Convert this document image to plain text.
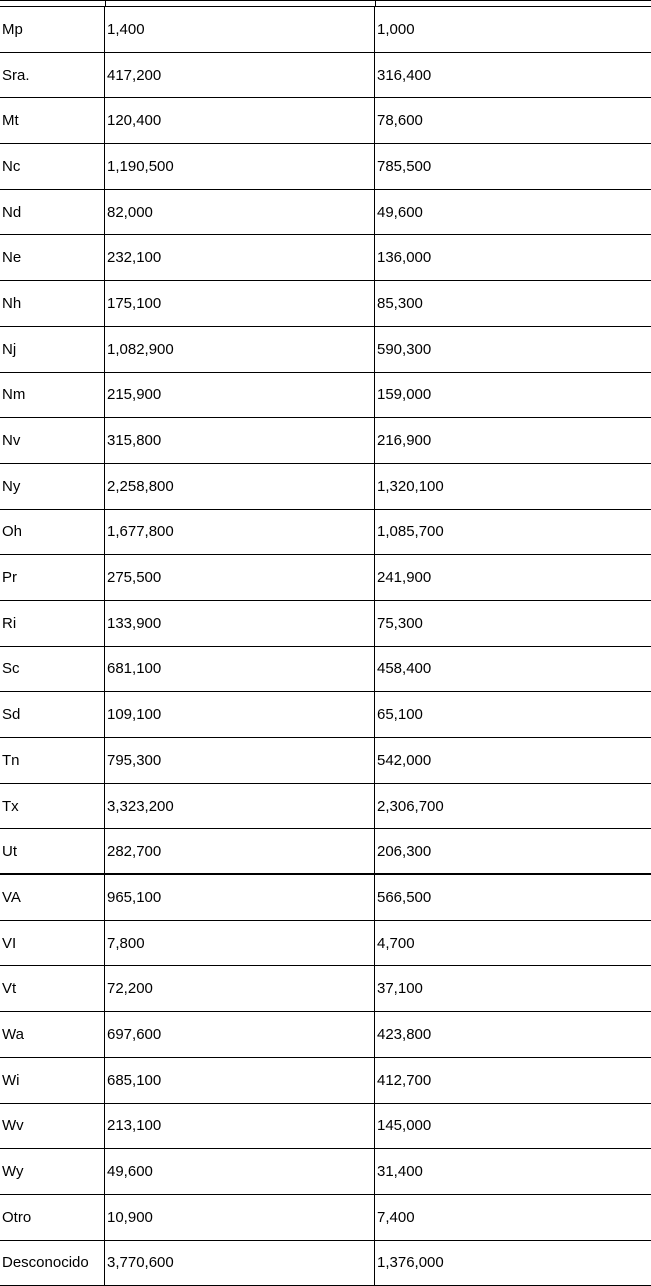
Mp	1,400	1,000
Sra.	417,200	316,400
Mt	120,400	78,600
Nc	1,190,500	785,500
Nd	82,000	49,600
Ne	232,100	136,000
Nh	175,100	85,300
Nj	1,082,900	590,300
Nm	215,900	159,000
Nv	315,800	216,900
Ny	2,258,800	1,320,100
Oh	1,677,800	1,085,700
Pr	275,500	241,900
Ri	133,900	75,300
Sc	681,100	458,400
Sd	109,100	65,100
Tn	795,300	542,000
Tx	3,323,200	2,306,700
Ut	282,700	206,300
VA	965,100	566,500
VI	7,800	4,700
Vt	72,200	37,100
Wa	697,600	423,800
Wi	685,100	412,700
Wv	213,100	145,000
Wy	49,600	31,400
Otro	10,900	7,400
Desconocido	3,770,600	1,376,000
